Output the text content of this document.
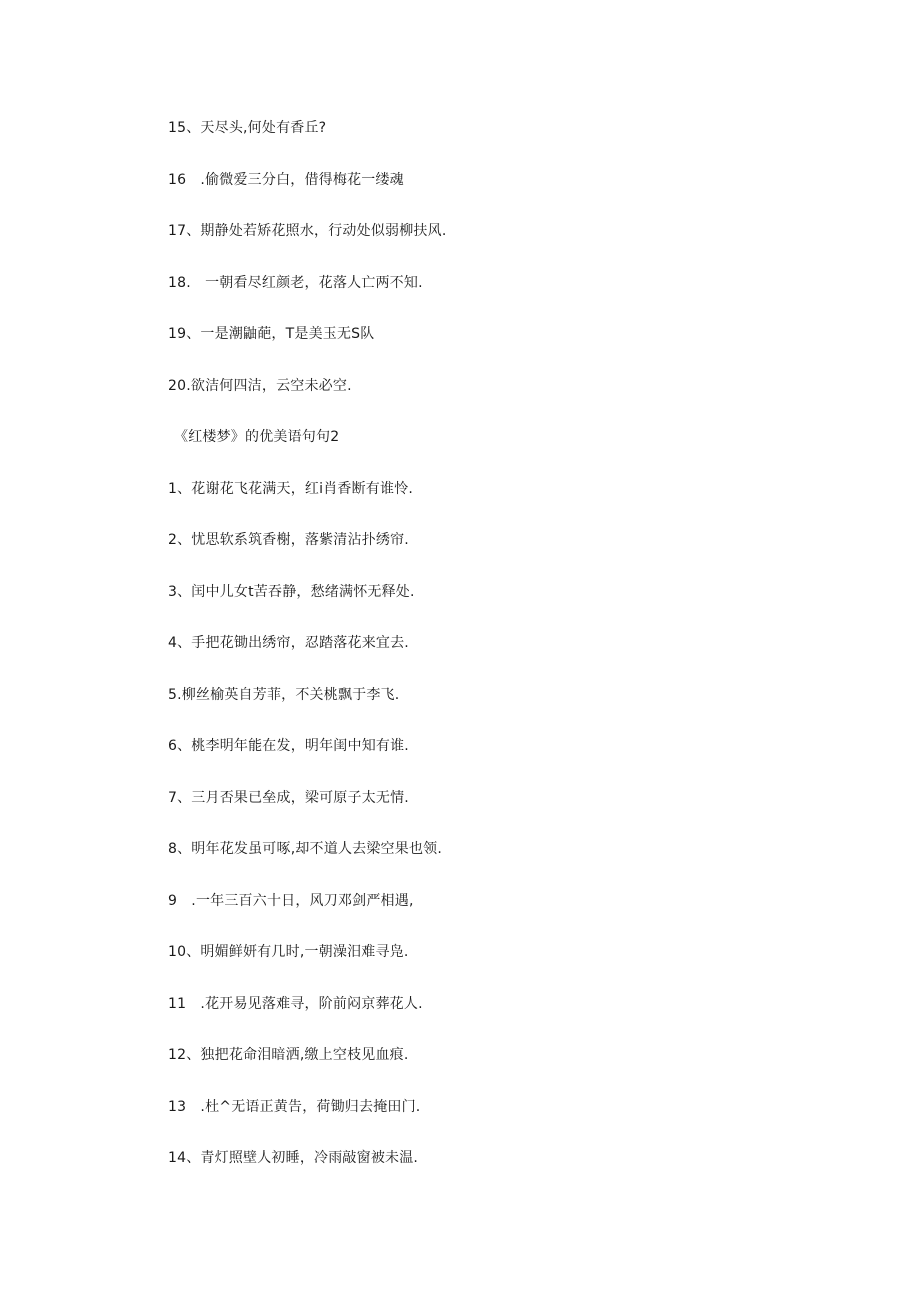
15、天尽头,何处有香丘?
16　.偷微爱三分白，借得梅花一缕魂
17、期静处若矫花照水，行动处似弱柳扶风.
18.　一朝看尽红颜老，花落人亡两不知.
19、一是潮鼬葩，T是美玉无S队
20.欲洁何四洁，云空未必空.
《红楼梦》的优美语句句2
1、花谢花飞花满天，红i肖香断有谁怜.
2、忧思软系筑香榭，落紫清沾扑绣帘.
3、闰中儿女t苦吞静，愁绪满怀无释处.
4、手把花锄出绣帘，忍踏落花来宜去.
5.柳丝榆英自芳菲，不关桃飘于李飞.
6、桃李明年能在发，明年闺中知有谁.
7、三月否果已垒成，梁可原子太无情.
8、明年花发虽可啄,却不道人去梁空果也领.
9　.一年三百六十日，风刀邓剑严相遇,
10、明媚鲜妍有几时,一朝澡汨难寻凫.
11　.花开易见落难寻，阶前闷京葬花人.
12、独把花命泪暗洒,缴上空枝见血痕.
13　.杜^无语正黄告，荷锄归去掩田门.
14、青灯照壁人初睡，冷雨敲窗被未温.
